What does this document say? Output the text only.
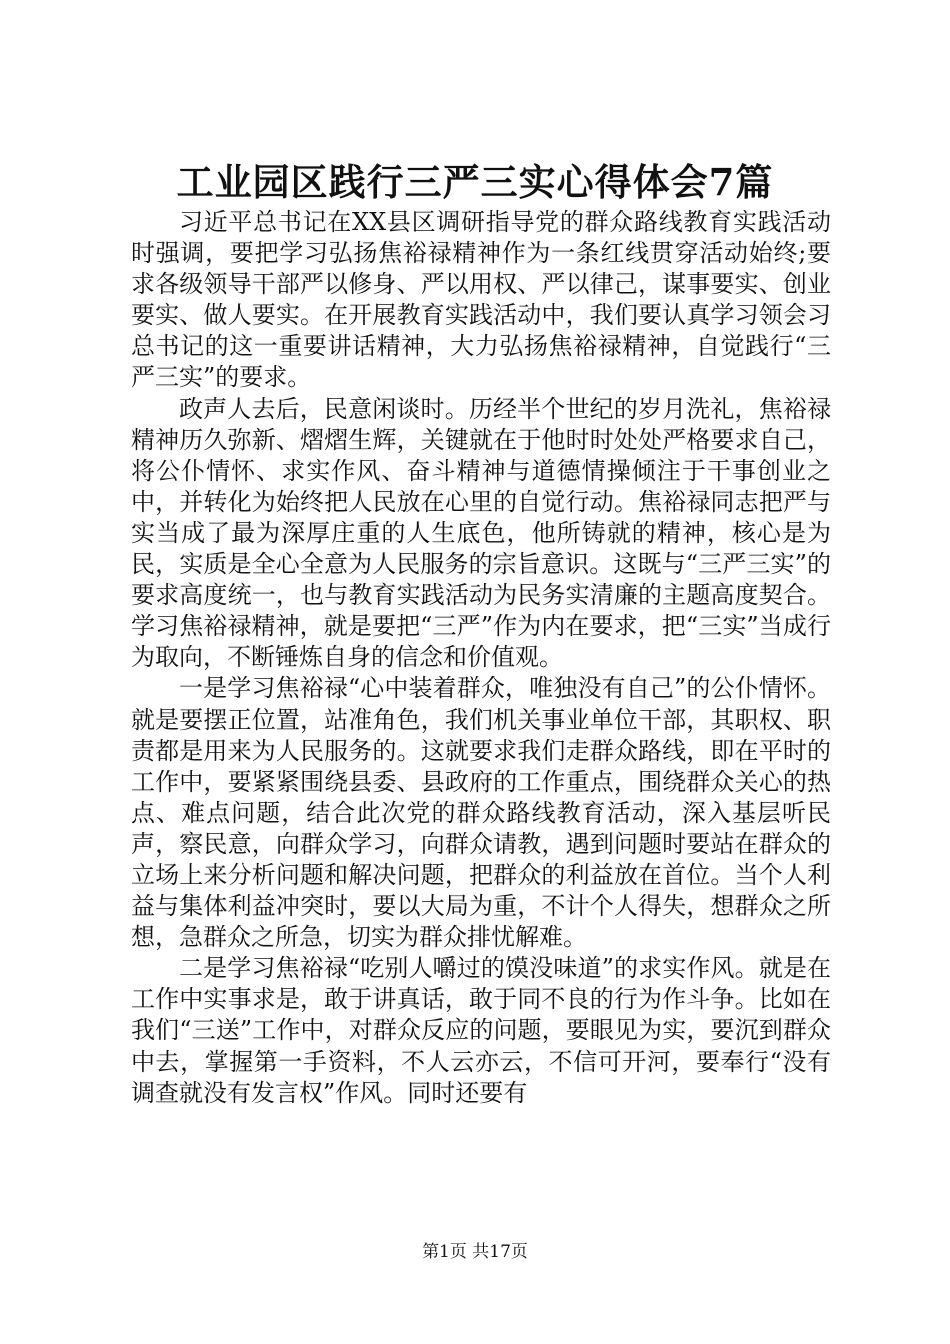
工业园区践行三严三实心得体会7篇

习近平总书记在XX县区调研指导党的群众路线教育实践活动时强调，要把学习弘扬焦裕禄精神作为一条红线贯穿活动始终;要求各级领导干部严以修身、严以用权、严以律己，谋事要实、创业要实、做人要实。在开展教育实践活动中，我们要认真学习领会习总书记的这一重要讲话精神，大力弘扬焦裕禄精神，自觉践行“三严三实”的要求。

政声人去后，民意闲谈时。历经半个世纪的岁月洗礼，焦裕禄精神历久弥新、熠熠生辉，关键就在于他时时处处严格要求自己，将公仆情怀、求实作风、奋斗精神与道德情操倾注于干事创业之中，并转化为始终把人民放在心里的自觉行动。焦裕禄同志把严与实当成了最为深厚庄重的人生底色，他所铸就的精神，核心是为民，实质是全心全意为人民服务的宗旨意识。这既与“三严三实”的要求高度统一，也与教育实践活动为民务实清廉的主题高度契合。学习焦裕禄精神，就是要把“三严”作为内在要求，把“三实”当成行为取向，不断锤炼自身的信念和价值观。

一是学习焦裕禄“心中装着群众，唯独没有自己”的公仆情怀。就是要摆正位置，站准角色，我们机关事业单位干部，其职权、职责都是用来为人民服务的。这就要求我们走群众路线，即在平时的工作中，要紧紧围绕县委、县政府的工作重点，围绕群众关心的热点、难点问题，结合此次党的群众路线教育活动，深入基层听民声，察民意，向群众学习，向群众请教，遇到问题时要站在群众的立场上来分析问题和解决问题，把群众的利益放在首位。当个人利益与集体利益冲突时，要以大局为重，不计个人得失，想群众之所想，急群众之所急，切实为群众排忧解难。

二是学习焦裕禄“吃别人嚼过的馍没味道”的求实作风。就是在工作中实事求是，敢于讲真话，敢于同不良的行为作斗争。比如在我们“三送”工作中，对群众反应的问题，要眼见为实，要沉到群众中去，掌握第一手资料，不人云亦云，不信可开河，要奉行“没有调查就没有发言权”作风。同时还要有

第1页 共17页
